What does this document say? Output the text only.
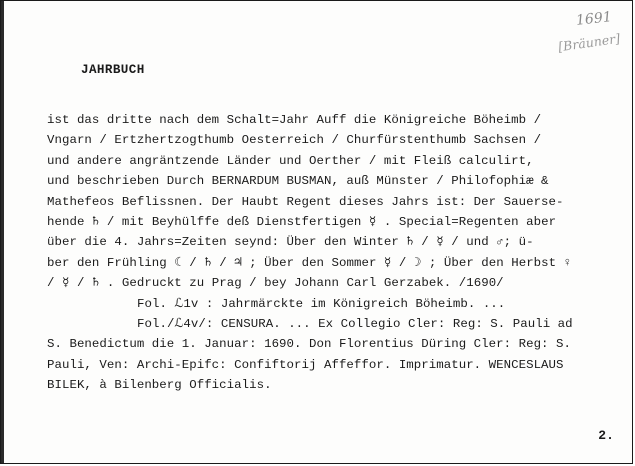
1691
[Bräuner]
JAHRBUCH
ist das dritte nach dem Schalt=Jahr Auff die Königreiche Böheimb /
Vngarn / Ertzhertzogthumb Oesterreich / Churfürstenthumb Sachsen /
und andere angräntzende Länder und Oerther / mit Fleiß calculirt,
und beschrieben Durch BERNARDUM BUSMAN, auß Münster / Philofophiæ &
Mathefeos Beflissnen. Der Haubt Regent dieses Jahrs ist: Der Sauerse-
hende ♄ / mit Beyhülffe deß Dienstfertigen ☿ . Special=Regenten aber
über die 4. Jahrs=Zeiten seynd: Über den Winter ♄ / ☿ / und ♂; ü-
ber den Frühling ☾ / ♄ / ♃ ; Über den Sommer ☿ / ☽ ; Über den Herbst ♀
/ ☿ / ♄ . Gedruckt zu Prag / bey Johann Carl Gerzabek. /1690/
Fol. ℒ1v : Jahrmärckte im Königreich Böheimb. ...
Fol./ℒ4v/: CENSURA. ... Ex Collegio Cler: Reg: S. Pauli ad
S. Benedictum die 1. Januar: 1690. Don Florentius Düring Cler: Reg: S.
Pauli, Ven: Archi-Epifc: Confiftorij Affeffor. Imprimatur. WENCESLAUS
BILEK, à Bilenberg Officialis.
2.
